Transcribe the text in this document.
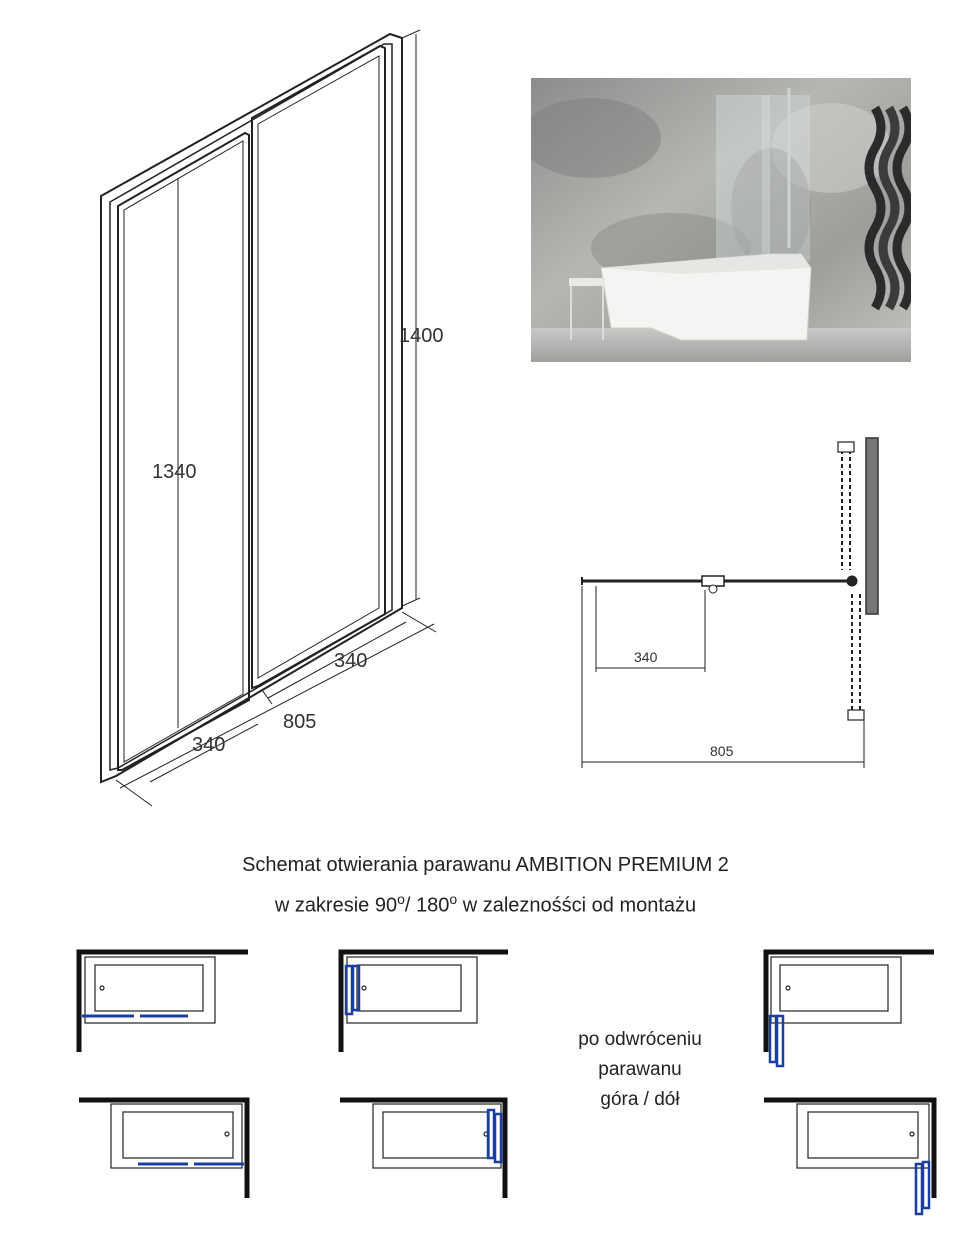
1400
1340
340
805
340
340
805
Schemat otwierania parawanu AMBITION PREMIUM 2
w zakresie 90$^o$/ 180$^o$ w zaleznośści od montażu
po odwróceniu
parawanu
góra / dół
